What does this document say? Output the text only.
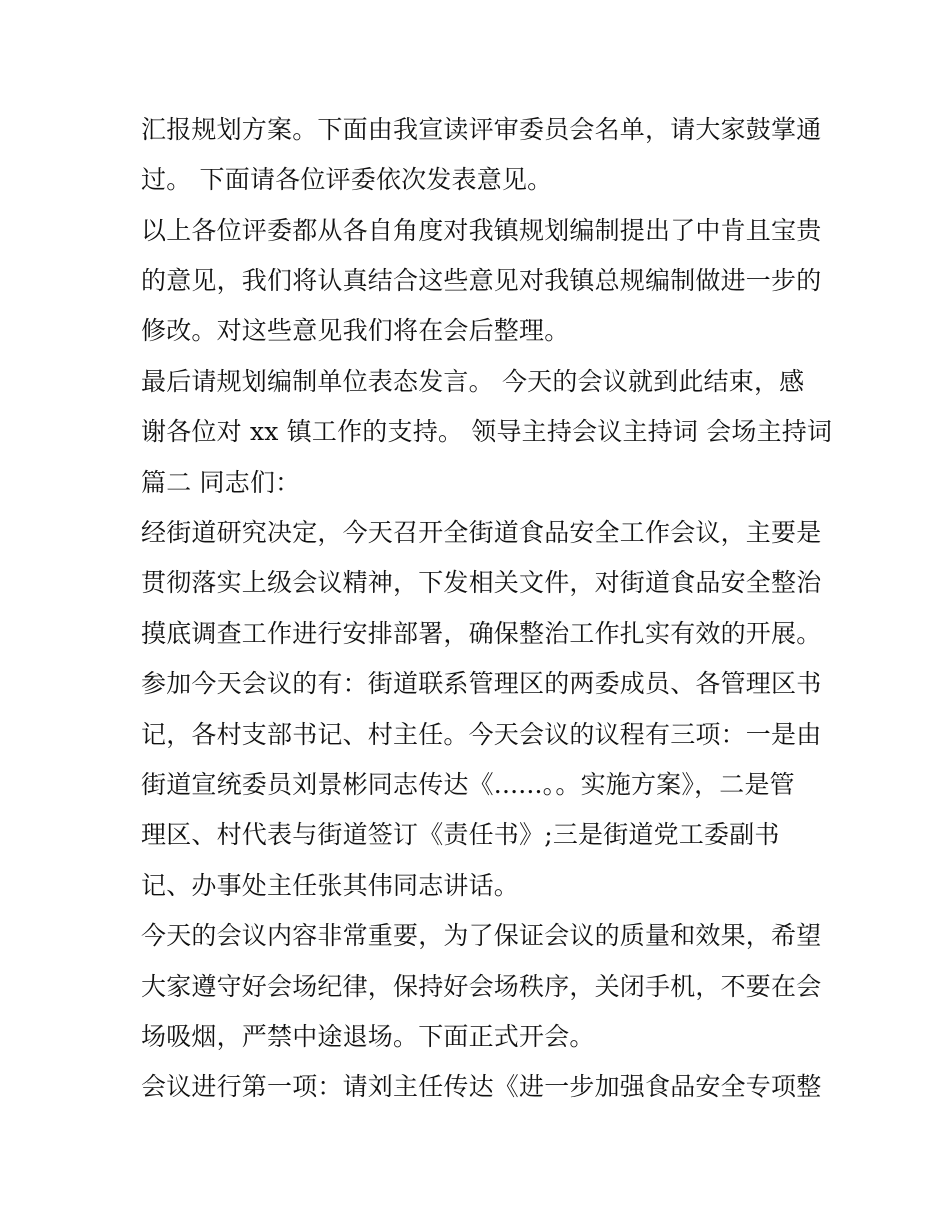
汇报规划方案。下面由我宣读评审委员会名单，请大家鼓掌通
过。 下面请各位评委依次发表意见。
以上各位评委都从各自角度对我镇规划编制提出了中肯且宝贵
的意见，我们将认真结合这些意见对我镇总规编制做进一步的
修改。对这些意见我们将在会后整理。
最后请规划编制单位表态发言。 今天的会议就到此结束，感
谢各位对 xx 镇工作的支持。 领导主持会议主持词 会场主持词
篇二 同志们：
经街道研究决定，今天召开全街道食品安全工作会议，主要是
贯彻落实上级会议精神，下发相关文件，对街道食品安全整治
摸底调查工作进行安排部署，确保整治工作扎实有效的开展。
参加今天会议的有：街道联系管理区的两委成员、各管理区书
记，各村支部书记、村主任。今天会议的议程有三项：一是由
街道宣统委员刘景彬同志传达《......。。实施方案》，二是管
理区、村代表与街道签订《责任书》;三是街道党工委副书
记、办事处主任张其伟同志讲话。
今天的会议内容非常重要，为了保证会议的质量和效果，希望
大家遵守好会场纪律，保持好会场秩序，关闭手机，不要在会
场吸烟，严禁中途退场。下面正式开会。
会议进行第一项：请刘主任传达《进一步加强食品安全专项整
